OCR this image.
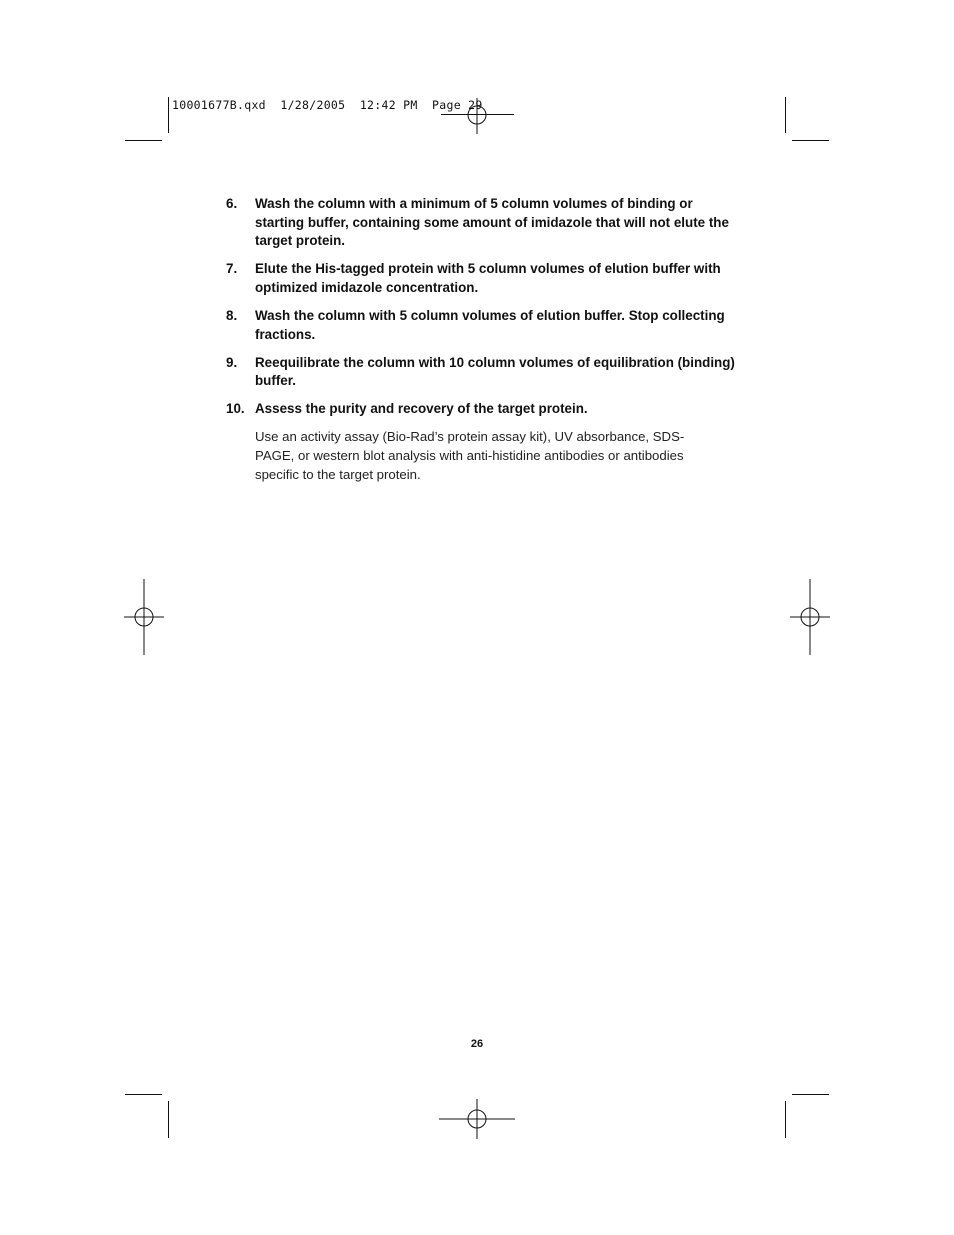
10001677B.qxd  1/28/2005  12:42 PM  Page 29
6.	Wash the column with a minimum of 5 column volumes of binding or starting buffer, containing some amount of imidazole that will not elute the target protein.
7.	Elute the His-tagged protein with 5 column volumes of elution buffer with optimized imidazole concentration.
8.	Wash the column with 5 column volumes of elution buffer. Stop collecting fractions.
9.	Reequilibrate the column with 10 column volumes of equilibration (binding) buffer.
10. Assess the purity and recovery of the target protein.

Use an activity assay (Bio-Rad’s protein assay kit), UV absorbance, SDS-PAGE, or western blot analysis with anti-histidine antibodies or antibodies specific to the target protein.

26
